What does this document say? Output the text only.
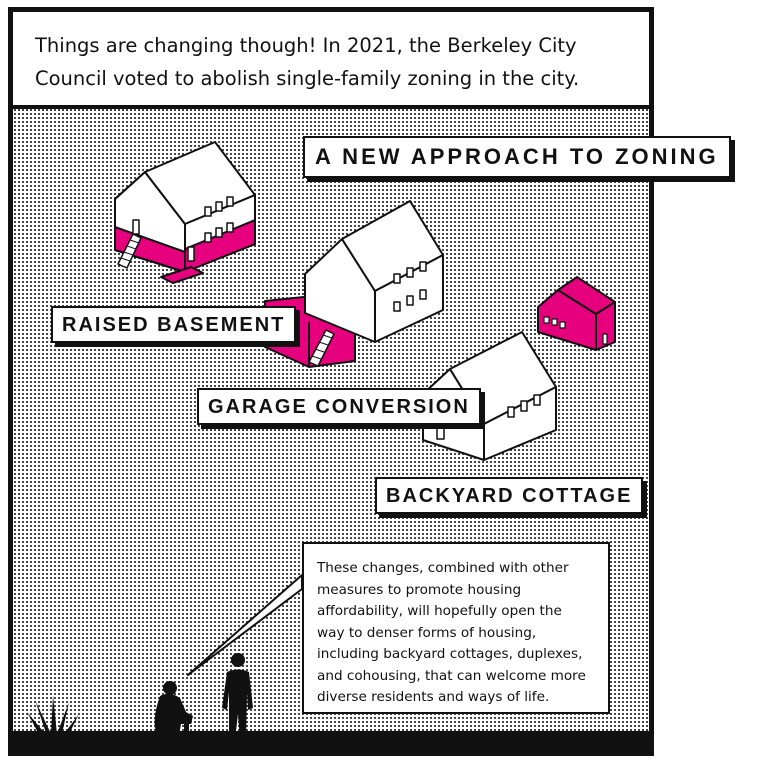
Things are changing though! In 2021, the Berkeley City
Council voted to abolish single-family zoning in the city.
A NEW APPROACH TO ZONING
RAISED BASEMENT
GARAGE CONVERSION
BACKYARD COTTAGE
These changes, combined with other
measures to promote housing
affordability, will hopefully open the
way to denser forms of housing,
including backyard cottages, duplexes,
and cohousing, that can welcome more
diverse residents and ways of life.
